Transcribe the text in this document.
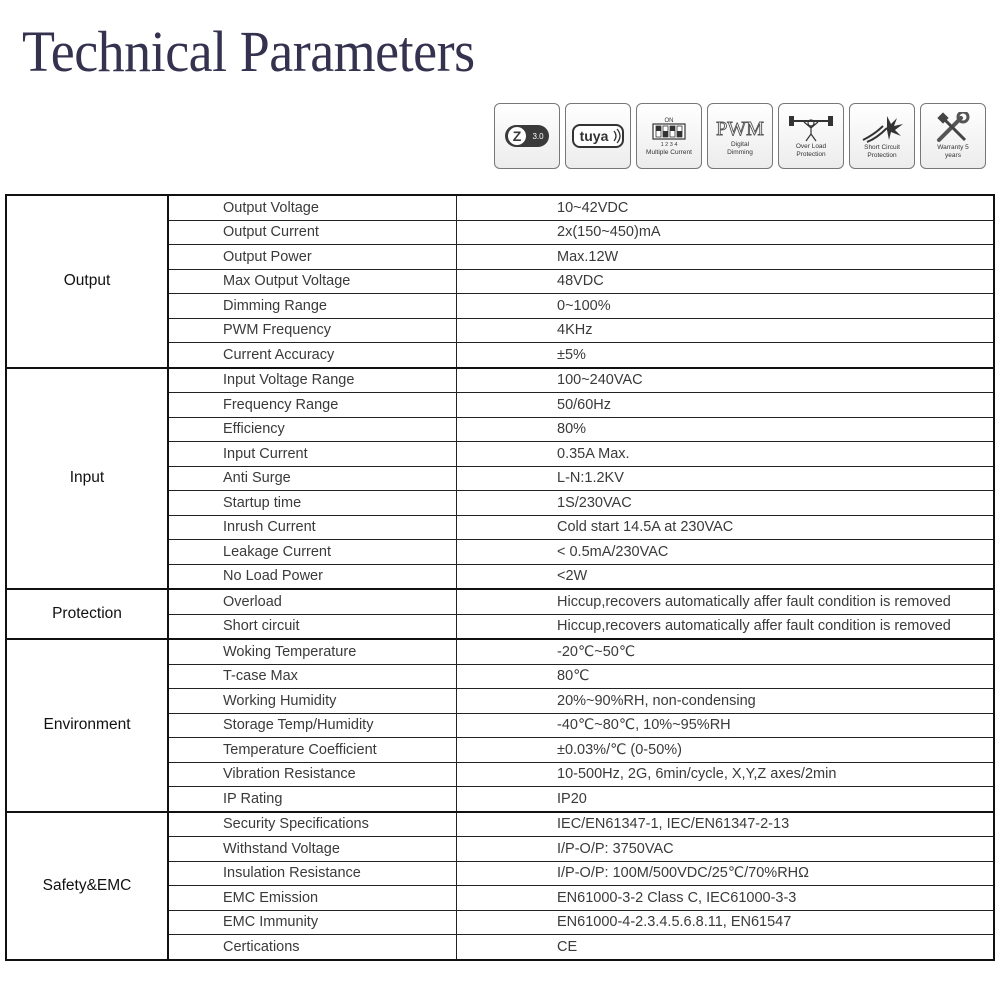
Technical Parameters
Z 3.0	tuya
ON
1 2 3 4
Multiple Current
PWM
Digital Dimming
Over Load Protection
Short Circuit Protection
Warranty 5 years
Output	Output Voltage	10~42VDC
	Output Current	2x(150~450)mA
	Output Power	Max.12W
	Max Output Voltage	48VDC
	Dimming Range	0~100%
	PWM Frequency	4KHz
	Current Accuracy	±5%
Input	Input Voltage Range	100~240VAC
	Frequency Range	50/60Hz
	Efficiency	80%
	Input Current	0.35A Max.
	Anti Surge	L-N:1.2KV
	Startup time	1S/230VAC
	Inrush Current	Cold start 14.5A at 230VAC
	Leakage Current	< 0.5mA/230VAC
	No Load Power	<2W
Protection	Overload	Hiccup,recovers automatically affer fault condition is removed
	Short circuit	Hiccup,recovers automatically affer fault condition is removed
Environment	Woking Temperature	-20℃~50℃
	T-case Max	80℃
	Working Humidity	20%~90%RH, non-condensing
	Storage Temp/Humidity	-40℃~80℃, 10%~95%RH
	Temperature Coefficient	±0.03%/℃ (0-50%)
	Vibration Resistance	10-500Hz, 2G, 6min/cycle, X,Y,Z axes/2min
	IP Rating	IP20
Safety&EMC	Security Specifications	IEC/EN61347-1, IEC/EN61347-2-13
	Withstand Voltage	I/P-O/P: 3750VAC
	Insulation Resistance	I/P-O/P: 100M/500VDC/25℃/70%RHΩ
	EMC Emission	EN61000-3-2 Class C, IEC61000-3-3
	EMC Immunity	EN61000-4-2.3.4.5.6.8.11, EN61547
	Certications	CE
